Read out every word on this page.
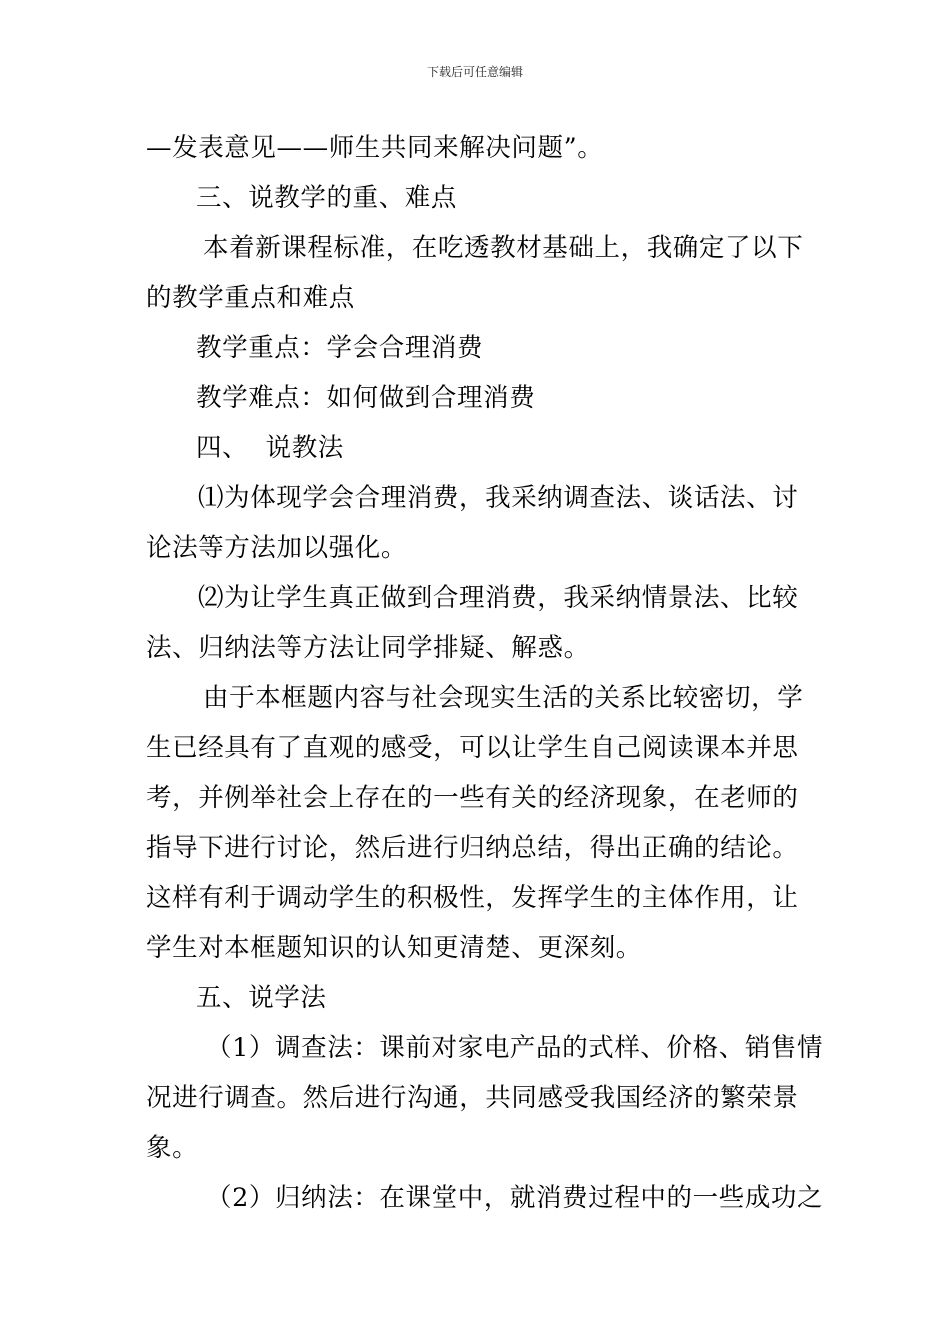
下载后可任意编辑
—发表意见——师生共同来解决问题”。
三、说教学的重、难点
本着新课程标准，在吃透教材基础上，我确定了以下
的教学重点和难点
教学重点：学会合理消费
教学难点：如何做到合理消费
四、  说教法
⑴为体现学会合理消费，我采纳调查法、谈话法、讨
论法等方法加以强化。
⑵为让学生真正做到合理消费，我采纳情景法、比较
法、归纳法等方法让同学排疑、解惑。
由于本框题内容与社会现实生活的关系比较密切，学
生已经具有了直观的感受，可以让学生自己阅读课本并思
考，并例举社会上存在的一些有关的经济现象，在老师的
指导下进行讨论，然后进行归纳总结，得出正确的结论。
这样有利于调动学生的积极性，发挥学生的主体作用，让
学生对本框题知识的认知更清楚、更深刻。
五、说学法
（1）调查法：课前对家电产品的式样、价格、销售情
况进行调查。然后进行沟通，共同感受我国经济的繁荣景
象。
（2）归纳法：在课堂中，就消费过程中的一些成功之
